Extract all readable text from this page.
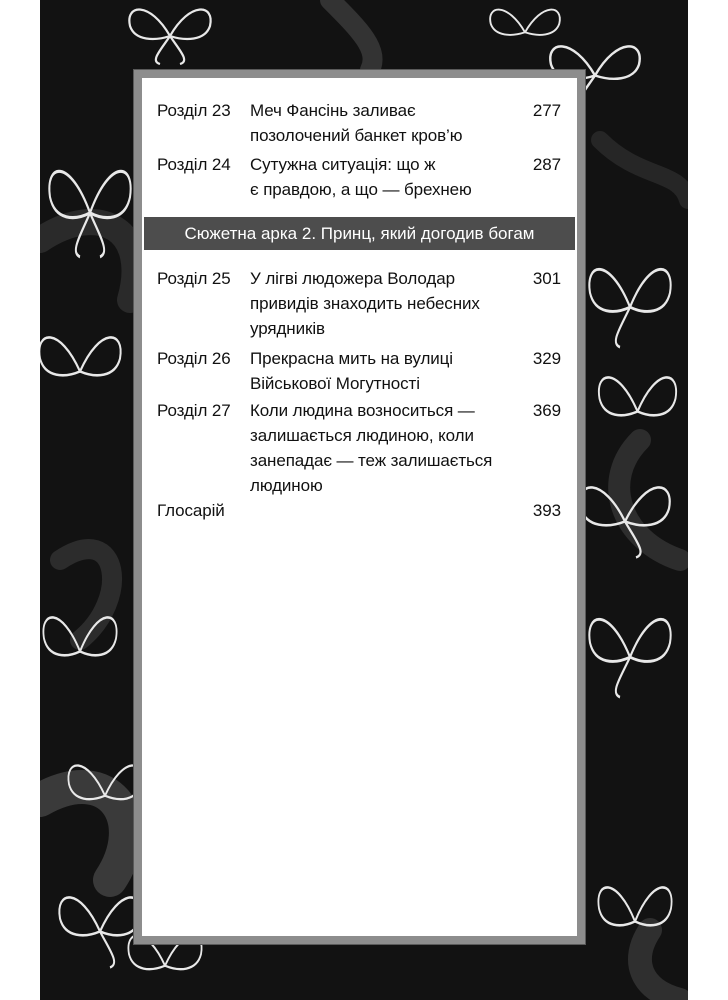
Розділ 23 Меч Фансінь заливає
позолочений банкет кров’ю
277
Розділ 24 Сутужна ситуація: що ж
є правдою, а що — брехнею
287
Сюжетна арка 2. Принц, який догодив богам
Розділ 25 У лігві людожера Володар
привидів знаходить небесних
урядників
301
Розділ 26 Прекрасна мить на вулиці
Військової Могутності
329
Розділ 27 Коли людина возноситься —
залишається людиною, коли
занепадає — теж залишається
людиною
369
Глосарій	393
